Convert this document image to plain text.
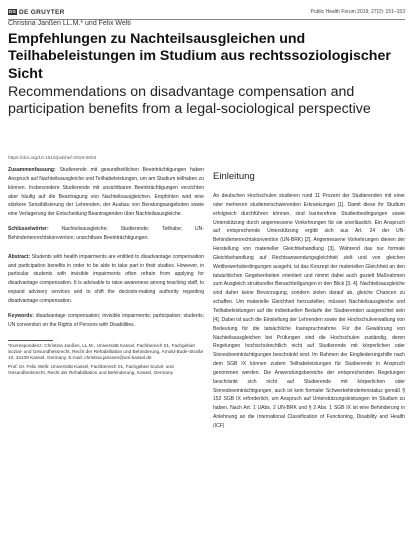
DG DE GRUYTER	Public Health Forum 2019; 27(2): 151–153
Christina Janßen LL.M.* und Felix Welti
Empfehlungen zu Nachteilsausgleichen und Teilhabeleistungen im Studium aus rechtssoziologischer Sicht
Recommendations on disadvantage compensation and participation benefits from a legal-sociological perspective
https://doi.org/10.1515/pubhef-2019-0004

Zusammenfassung: Studierende mit gesundheitlichen Beeinträchtigungen haben Anspruch auf Nachteilsausgleiche und Teilhabeleistungen, um am Studium teilhaben zu können. Insbesondere Studierende mit unsichtbaren Beeinträchtigungen verzichten aber häufig auf die Beantragung von Nachteilsausgleichen. Empfohlen wird eine stärkere Sensibilisierung der Lehrenden, der Ausbau von Beratungsangeboten sowie eine Verlagerung der Entscheidung Beantragenden über Nachteilsausgleiche.

Schlüsselwörter: Nachteilsausgleiche; Studierende; Teilhabe; UN-Behindertenrechtskonvention; unsichtbare Beeinträchtigungen.

Abstract: Students with health impairments are entitled to disadvantage compensation and participation benefits in order to be able to take part in their studies. However, in particular students with invisible impairments often refrain from applying for disadvantage compensation. It is advisable to raise awareness among teaching staff, to expand advisory services and to shift the decision-making authority regarding disadvantage compensation.

Keywords: disadvantage compensation; invisible impairments; participation; students; UN convention on the Rights of Persons with Disabilities.

*Korrespondenz: Christina Janßen, LL.M., Universität Kassel, Fachbereich 01, Fachgebiet Sozial- und Gesundheitsrecht, Recht der Rehabilitation und Behinderung, Arnold-Bode-Straße 10, 34109 Kassel, Germany, E-mail: christina.janssen@uni-kassel.de

Prof. Dr. Felix Welti: Universität Kassel, Fachbereich 01, Fachgebiet Sozial- und Gesundheitsrecht, Recht der Rehabilitation und Behinderung, Kassel, Germany

Einleitung

An deutschen Hochschulen studieren rund 11 Prozent der Studierenden mit einer oder mehreren studienerschwerenden Erkrankungen [1]. Damit diese ihr Studium erfolgreich durchführen können, sind barrierefreie Studienbedingungen sowie Unterstützung durch angemessene Vorkehrungen für sie unerlässlich. Ein Anspruch auf entsprechende Unterstützung ergibt sich aus Art. 24 der UN-Behindertenrechtskonvention (UN-BRK) [2]. Angemessene Vorkehrungen dienen der Herstellung von materieller Gleichbehandlung [3]. Während das nur formale Gleichbehandlung auf Rechtsanwendungsgleichheit zielt und von gleichen Wettbewerbsbedingungen ausgeht, ist das Konzept der materiellen Gleichheit an den tatsächlichen Gegebenheiten orientiert und nimmt dabei auch gezielt Maßnahmen zum Ausgleich struktureller Benachteiligungen in den Blick [3, 4]. Nachteilsausgleiche sind daher keine Bevorzugung, sondern zielen darauf ab, gleiche Chancen zu schaffen. Um materielle Gleichheit herzustellen, müssen Nachteilsausgleiche und Teilhabeleistungen auf die individuellen Bedarfe der Studierenden ausgerichtet sein [4]. Dabei ist auch die Einstellung der Lehrenden sowie der Hochschulverwaltung von Bedeutung für die tatsächliche Inanspruchnahme. Für die Gewährung von Nachteilsausgleichen bei Prüfungen sind die Hochschulen zuständig, deren Regelungen hochschulrechtlich nicht auf Studierende mit körperlichen oder Sinnesbeeinträchtigungen beschränkt sind. Im Rahmen der Eingliederungshilfe nach dem SGB IX können zudem Teilhabeleistungen für Studierende in Anspruch genommen werden. Die Anwendungsbereiche der entsprechenden Regelungen beschränkt sich nicht auf Studierende mit körperlichen oder Sinnesbeeinträchtigungen, auch ist kein formaler Schwerbehindertenstatus gemäß § 152 SGB IX erforderlich, um Anspruch auf Unterstützungsleistungen im Studium zu haben. Nach Art. 1 UAbs. 2 UN-BRK und § 2 Abs. 1 SGB IX ist eine Behinderung in Anlehnung an die International Classification of Functioning, Disability and Health (ICF)
